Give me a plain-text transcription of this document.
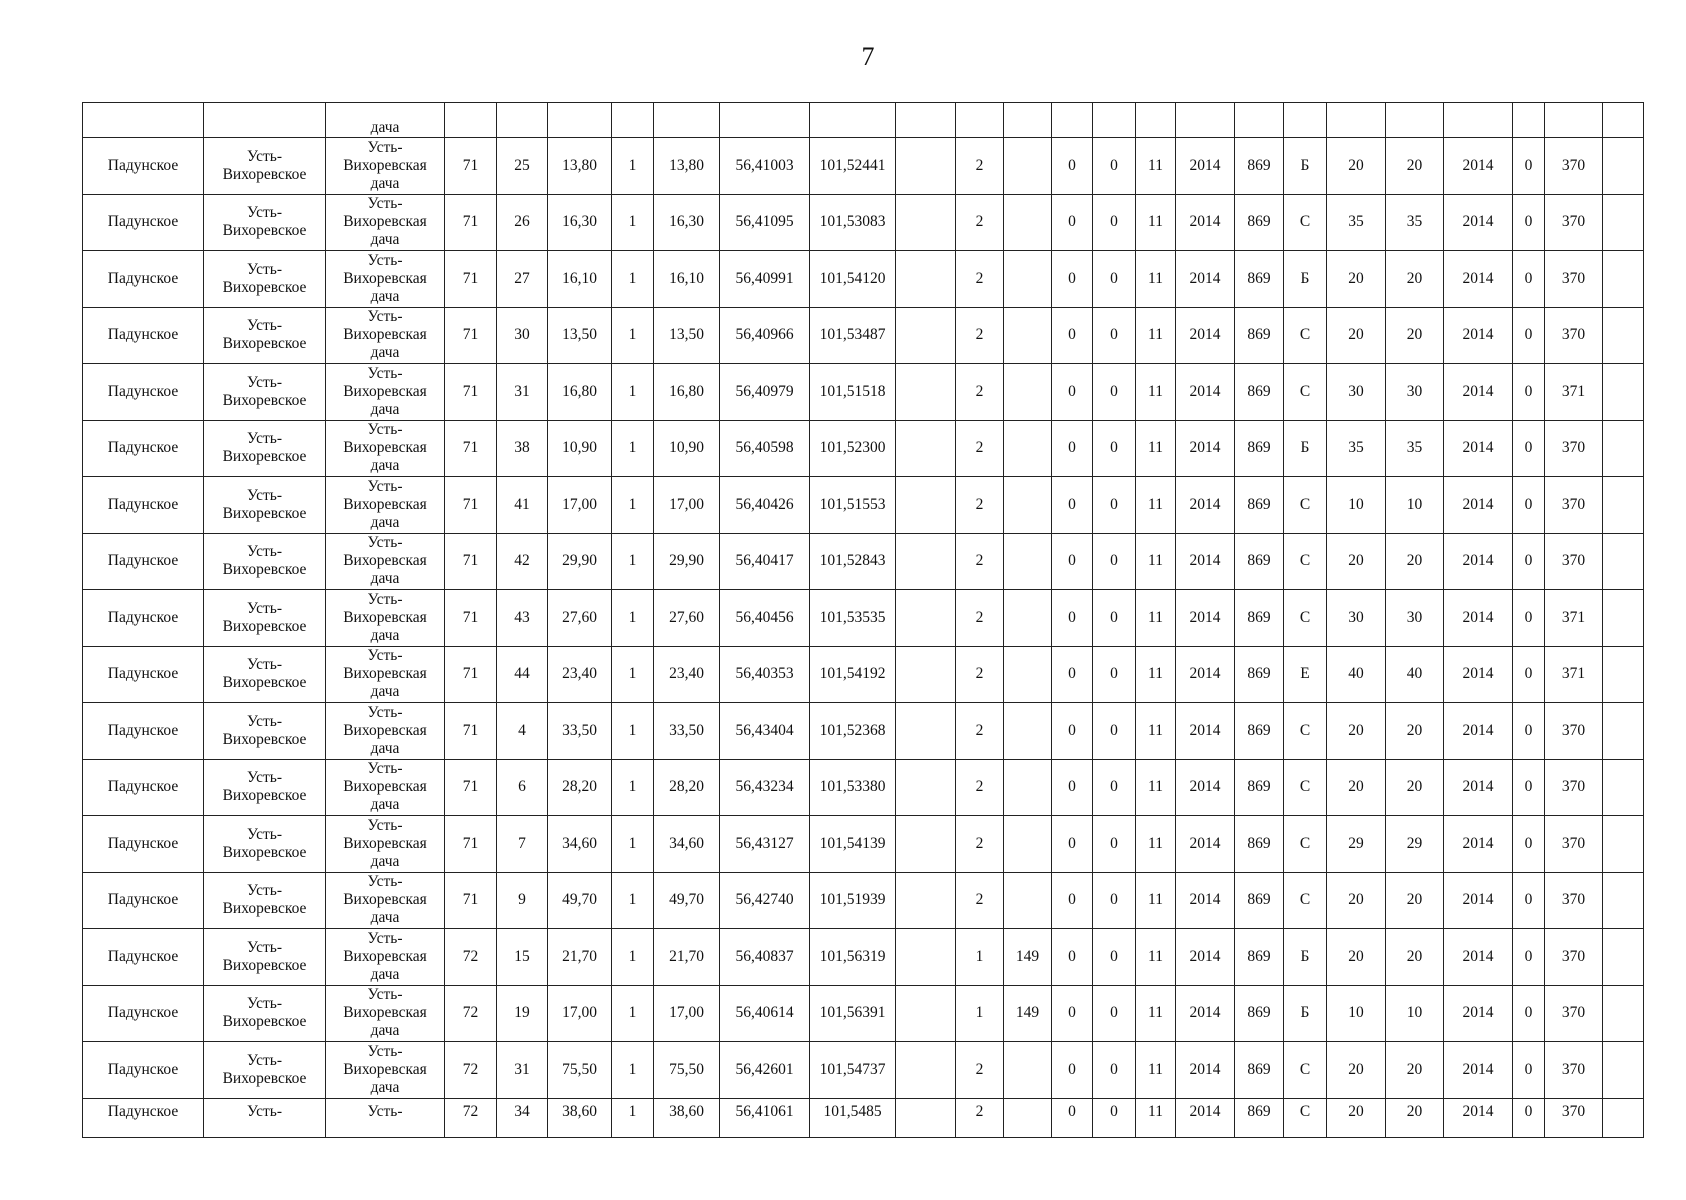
7
		дача																						
Падунское	Усть-Вихоревское	Усть-Вихоревская дача	71	25	13,80	1	13,80	56,41003	101,52441		2		0	0	11	2014	869	Б	20	20	2014	0	370	
Падунское	Усть-Вихоревское	Усть-Вихоревская дача	71	26	16,30	1	16,30	56,41095	101,53083		2		0	0	11	2014	869	С	35	35	2014	0	370	
Падунское	Усть-Вихоревское	Усть-Вихоревская дача	71	27	16,10	1	16,10	56,40991	101,54120		2		0	0	11	2014	869	Б	20	20	2014	0	370	
Падунское	Усть-Вихоревское	Усть-Вихоревская дача	71	30	13,50	1	13,50	56,40966	101,53487		2		0	0	11	2014	869	С	20	20	2014	0	370	
Падунское	Усть-Вихоревское	Усть-Вихоревская дача	71	31	16,80	1	16,80	56,40979	101,51518		2		0	0	11	2014	869	С	30	30	2014	0	371	
Падунское	Усть-Вихоревское	Усть-Вихоревская дача	71	38	10,90	1	10,90	56,40598	101,52300		2		0	0	11	2014	869	Б	35	35	2014	0	370	
Падунское	Усть-Вихоревское	Усть-Вихоревская дача	71	41	17,00	1	17,00	56,40426	101,51553		2		0	0	11	2014	869	С	10	10	2014	0	370	
Падунское	Усть-Вихоревское	Усть-Вихоревская дача	71	42	29,90	1	29,90	56,40417	101,52843		2		0	0	11	2014	869	С	20	20	2014	0	370	
Падунское	Усть-Вихоревское	Усть-Вихоревская дача	71	43	27,60	1	27,60	56,40456	101,53535		2		0	0	11	2014	869	С	30	30	2014	0	371	
Падунское	Усть-Вихоревское	Усть-Вихоревская дача	71	44	23,40	1	23,40	56,40353	101,54192		2		0	0	11	2014	869	Е	40	40	2014	0	371	
Падунское	Усть-Вихоревское	Усть-Вихоревская дача	71	4	33,50	1	33,50	56,43404	101,52368		2		0	0	11	2014	869	С	20	20	2014	0	370	
Падунское	Усть-Вихоревское	Усть-Вихоревская дача	71	6	28,20	1	28,20	56,43234	101,53380		2		0	0	11	2014	869	С	20	20	2014	0	370	
Падунское	Усть-Вихоревское	Усть-Вихоревская дача	71	7	34,60	1	34,60	56,43127	101,54139		2		0	0	11	2014	869	С	29	29	2014	0	370	
Падунское	Усть-Вихоревское	Усть-Вихоревская дача	71	9	49,70	1	49,70	56,42740	101,51939		2		0	0	11	2014	869	С	20	20	2014	0	370	
Падунское	Усть-Вихоревское	Усть-Вихоревская дача	72	15	21,70	1	21,70	56,40837	101,56319		1	149	0	0	11	2014	869	Б	20	20	2014	0	370	
Падунское	Усть-Вихоревское	Усть-Вихоревская дача	72	19	17,00	1	17,00	56,40614	101,56391		1	149	0	0	11	2014	869	Б	10	10	2014	0	370	
Падунское	Усть-Вихоревское	Усть-Вихоревская дача	72	31	75,50	1	75,50	56,42601	101,54737		2		0	0	11	2014	869	С	20	20	2014	0	370	
Падунское	Усть-	Усть-	72	34	38,60	1	38,60	56,41061	101,5485		2		0	0	11	2014	869	С	20	20	2014	0	370	
